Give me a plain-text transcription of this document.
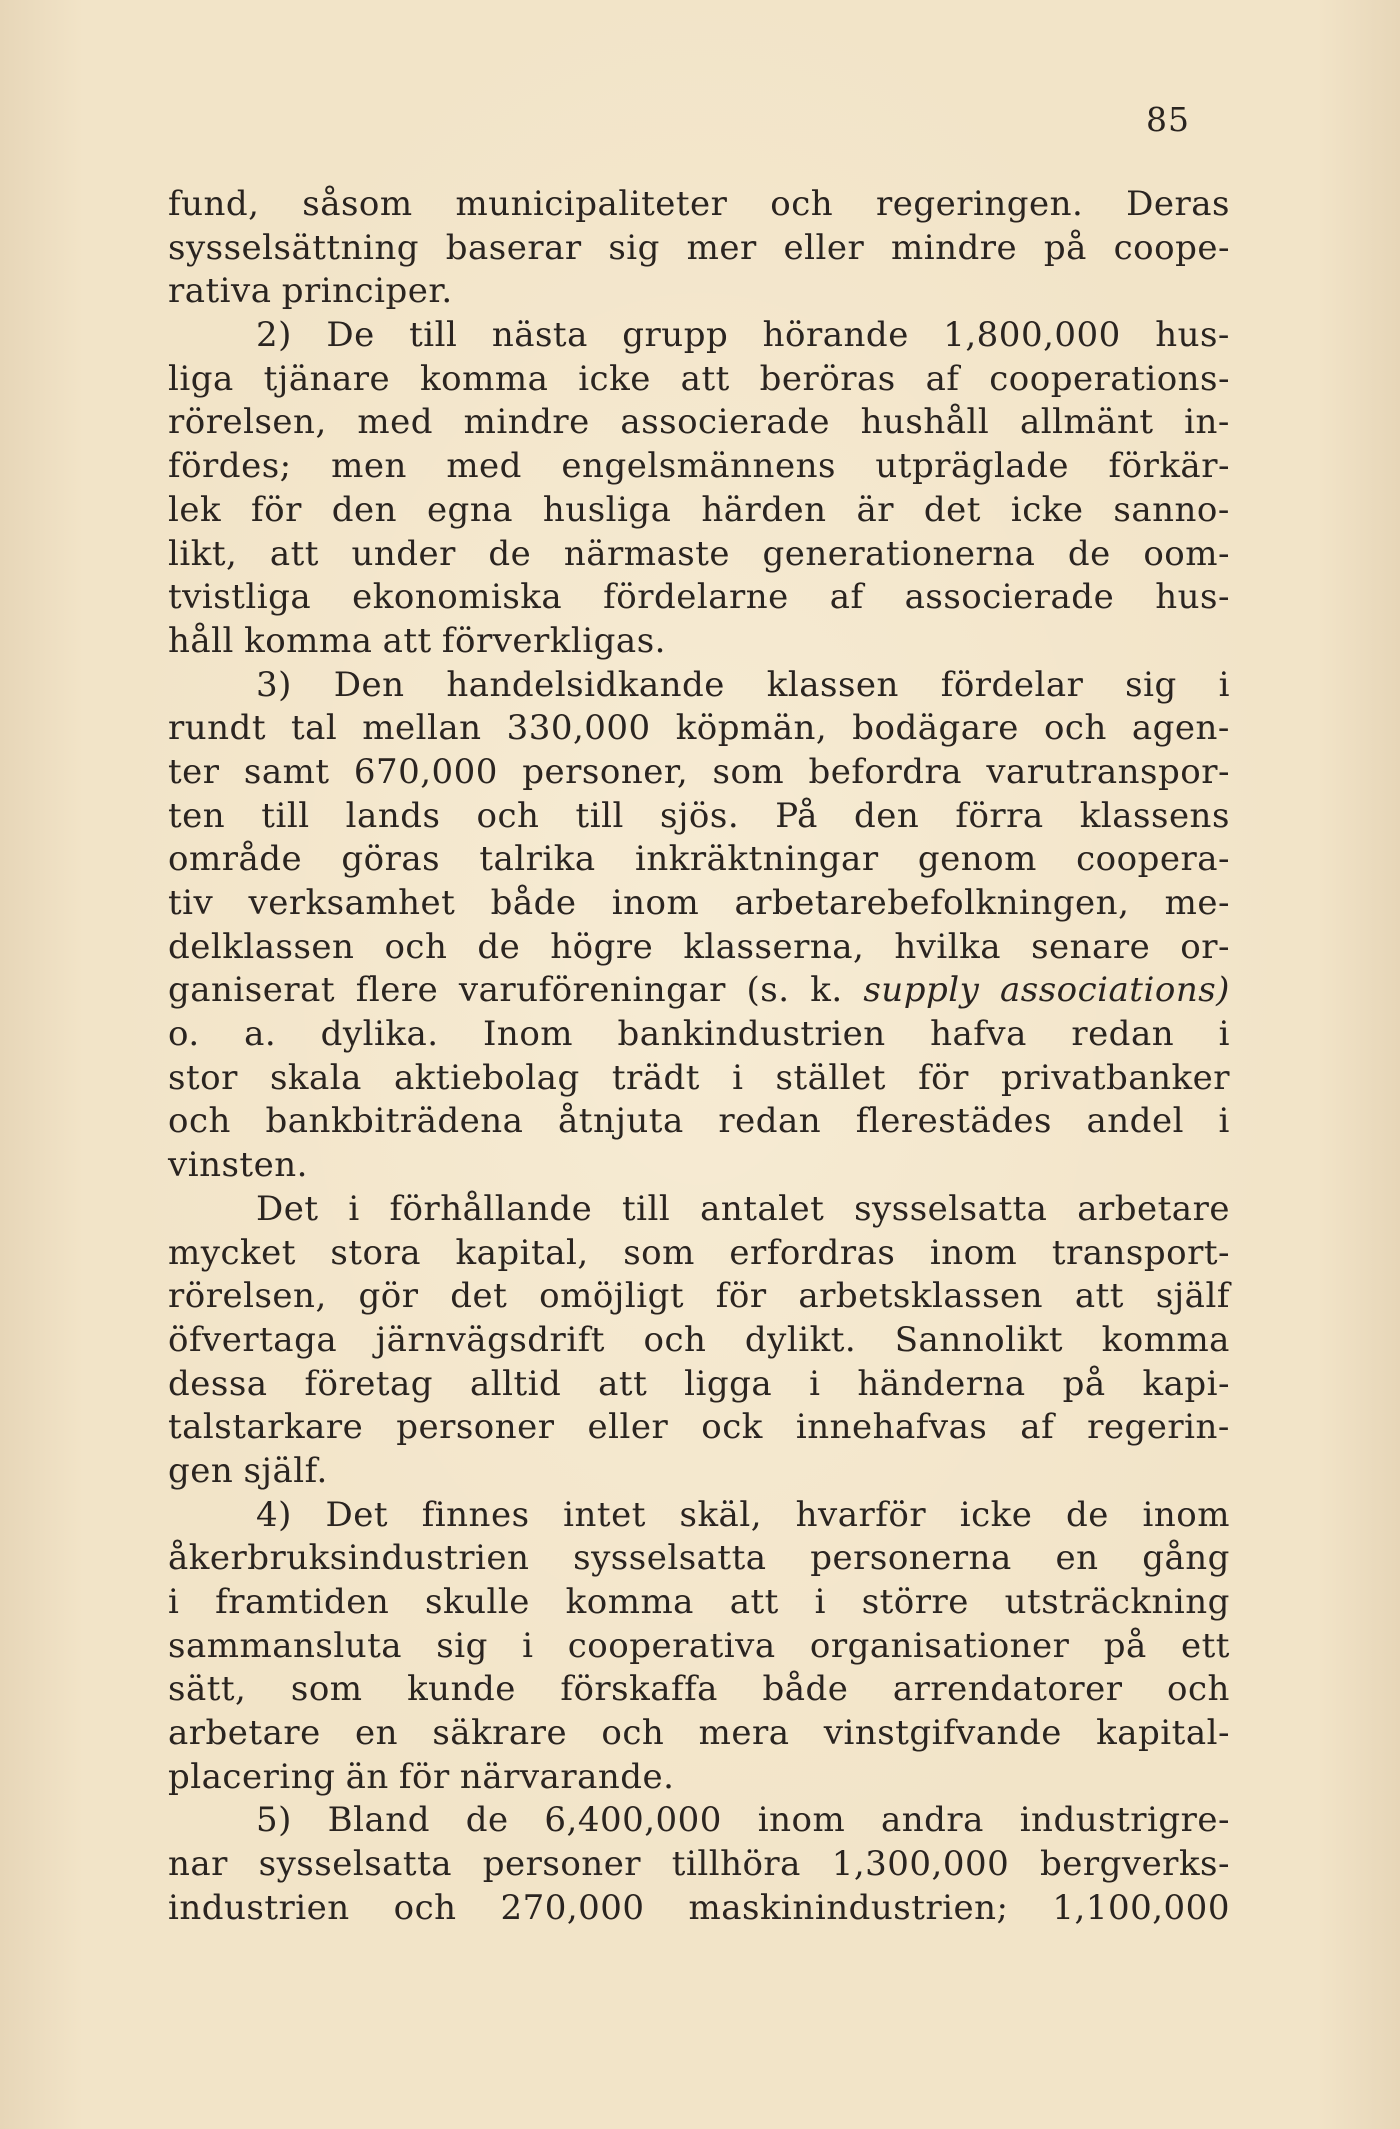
85
fund, såsom municipaliteter och regeringen. Deras
sysselsättning baserar sig mer eller mindre på coope-
rativa principer.
2) De till nästa grupp hörande 1,800,000 hus-
liga tjänare komma icke att beröras af cooperations-
rörelsen, med mindre associerade hushåll allmänt in-
fördes; men med engelsmännens utpräglade förkär-
lek för den egna husliga härden är det icke sanno-
likt, att under de närmaste generationerna de oom-
tvistliga ekonomiska fördelarne af associerade hus-
håll komma att förverkligas.
3) Den handelsidkande klassen fördelar sig i
rundt tal mellan 330,000 köpmän, bodägare och agen-
ter samt 670,000 personer, som befordra varutranspor-
ten till lands och till sjös. På den förra klassens
område göras talrika inkräktningar genom coopera-
tiv verksamhet både inom arbetarebefolkningen, me-
delklassen och de högre klasserna, hvilka senare or-
ganiserat flere varuföreningar (s. k. supply associations)
o. a. dylika. Inom bankindustrien hafva redan i
stor skala aktiebolag trädt i stället för privatbanker
och bankbiträdena åtnjuta redan flerestädes andel i
vinsten.
Det i förhållande till antalet sysselsatta arbetare
mycket stora kapital, som erfordras inom transport-
rörelsen, gör det omöjligt för arbetsklassen att själf
öfvertaga järnvägsdrift och dylikt. Sannolikt komma
dessa företag alltid att ligga i händerna på kapi-
talstarkare personer eller ock innehafvas af regerin-
gen själf.
4) Det finnes intet skäl, hvarför icke de inom
åkerbruksindustrien sysselsatta personerna en gång
i framtiden skulle komma att i större utsträckning
sammansluta sig i cooperativa organisationer på ett
sätt, som kunde förskaffa både arrendatorer och
arbetare en säkrare och mera vinstgifvande kapital-
placering än för närvarande.
5) Bland de 6,400,000 inom andra industrigre-
nar sysselsatta personer tillhöra 1,300,000 bergverks-
industrien och 270,000 maskinindustrien; 1,100,000
